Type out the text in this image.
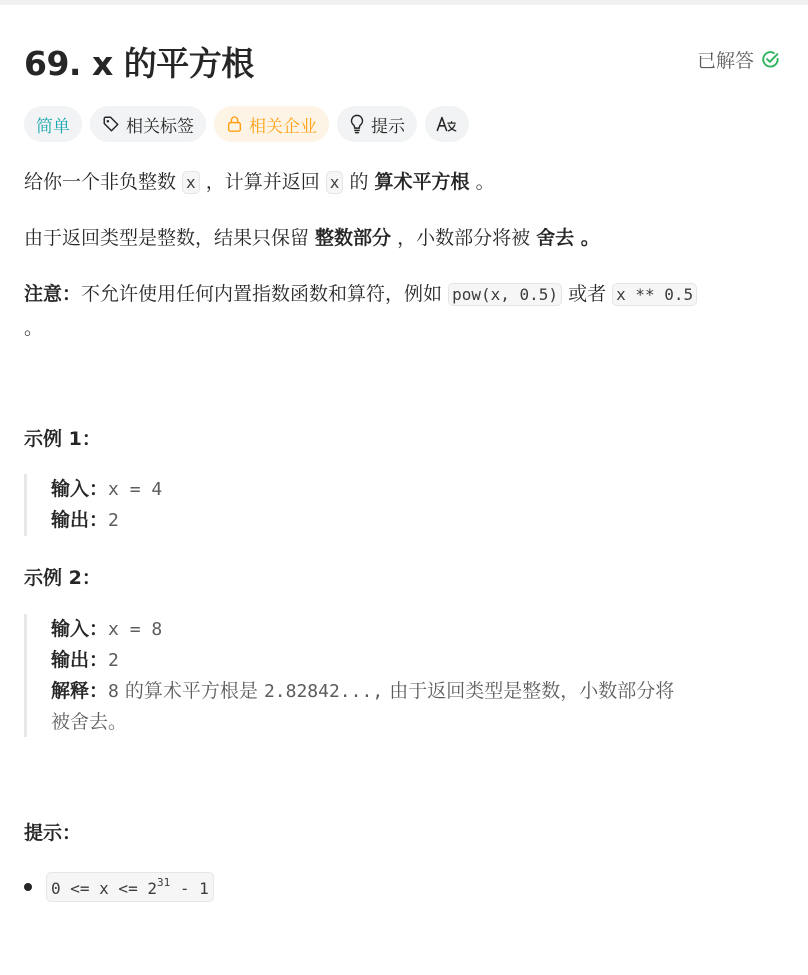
69. x 的平方根	已解答
简单	相关标签	相关企业	提示
给你一个非负整数 x ，计算并返回 x 的 算术平方根 。
由于返回类型是整数，结果只保留 整数部分 ，小数部分将被 舍去 。
注意：不允许使用任何内置指数函数和算符，例如 pow(x, 0.5) 或者 x ** 0.5
。
示例 1：
输入：x = 4
输出：2
示例 2：
输入：x = 8
输出：2
解释：8 的算术平方根是 2.82842..., 由于返回类型是整数，小数部分将
被舍去。
提示：
$0 <= x <= 2^{31} - 1$
